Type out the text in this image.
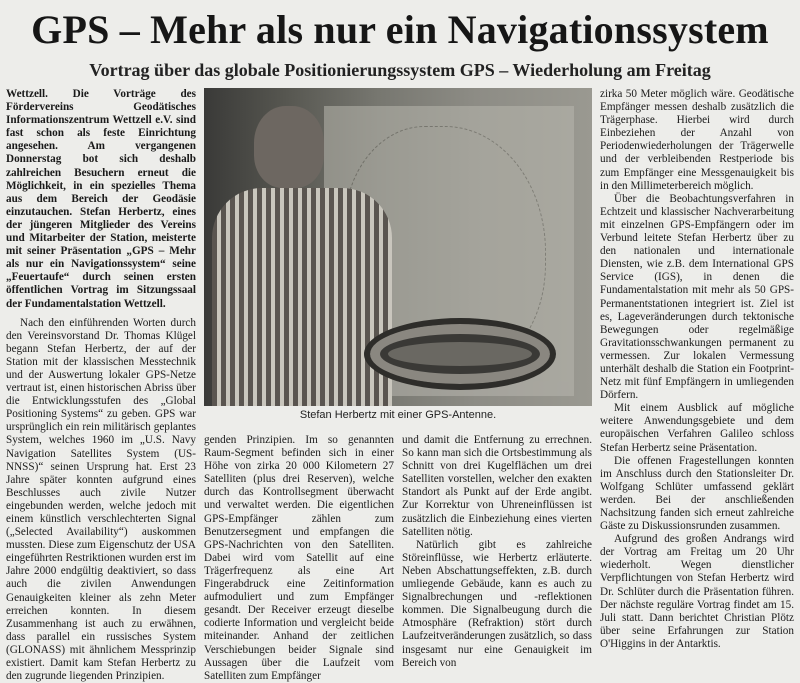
GPS – Mehr als nur ein Navigationssystem
Vortrag über das globale Positionierungssystem GPS – Wiederholung am Freitag

Wettzell. Die Vorträge des Fördervereins Geodätisches Informationszentrum Wettzell e.V. sind fast schon als feste Einrichtung angesehen. Am vergangenen Donnerstag bot sich deshalb zahlreichen Besuchern erneut die Möglichkeit, in ein spezielles Thema aus dem Bereich der Geodäsie einzutauchen. Stefan Herbertz, eines der jüngeren Mitglieder des Vereins und Mitarbeiter der Station, meisterte mit seiner Präsentation „GPS – Mehr als nur ein Navigationssystem“ seine „Feuertaufe“ durch seinen ersten öffentlichen Vortrag im Sitzungssaal der Fundamentalstation Wettzell.

Nach den einführenden Worten durch den Vereinsvorstand Dr. Thomas Klügel begann Stefan Herbertz, der auf der Station mit der klassischen Messtechnik und der Auswertung lokaler GPS-Netze vertraut ist, einen historischen Abriss über die Entwicklungsstufen des „Global Positioning Systems“ zu geben. GPS war ursprünglich ein rein militärisch geplantes System, welches 1960 im „U.S. Navy Navigation Satellites System (US-NNSS)“ seinen Ursprung hat. Erst 23 Jahre später konnten aufgrund eines Beschlusses auch zivile Nutzer eingebunden werden, welche jedoch mit einem künstlich verschlechterten Signal („Selected Availability“) auskommen mussten. Diese zum Eigenschutz der USA eingeführten Restriktionen wurden erst im Jahre 2000 endgültig deaktiviert, so dass auch die zivilen Anwendungen Genauigkeiten kleiner als zehn Meter erreichen konnten. In diesem Zusammenhang ist auch zu erwähnen, dass parallel ein russisches System (GLONASS) mit ähnlichem Messprinzip existiert. Damit kam Stefan Herbertz zu den zugrunde liegenden Prinzipien.

Stefan Herbertz mit einer GPS-Antenne.

genden Prinzipien. Im so genannten Raum-Segment befinden sich in einer Höhe von zirka 20 000 Kilometern 27 Satelliten (plus drei Reserven), welche durch das Kontrollsegment überwacht und verwaltet werden. Die eigentlichen GPS-Empfänger zählen zum Benutzersegment und empfangen die GPS-Nachrichten von den Satelliten. Dabei wird vom Satellit auf eine Trägerfrequenz als eine Art Fingerabdruck eine Zeitinformation aufmoduliert und zum Empfänger gesandt. Der Receiver erzeugt dieselbe codierte Information und vergleicht beide miteinander. Anhand der zeitlichen Verschiebungen beider Signale sind Aussagen über die Laufzeit vom Satelliten zum Empfänger

und damit die Entfernung zu errechnen. So kann man sich die Ortsbestimmung als Schnitt von drei Kugelflächen um drei Satelliten vorstellen, welcher den exakten Standort als Punkt auf der Erde angibt. Zur Korrektur von Uhreneinflüssen ist zusätzlich die Einbeziehung eines vierten Satelliten nötig.

Natürlich gibt es zahlreiche Störeinflüsse, wie Herbertz erläuterte. Neben Abschattungseffekten, z.B. durch umliegende Gebäude, kann es auch zu Signalbrechungen und -reflektionen kommen. Die Signalbeugung durch die Atmosphäre (Refraktion) stört durch Laufzeitveränderungen zusätzlich, so dass insgesamt nur eine Genauigkeit im Bereich von

zirka 50 Meter möglich wäre. Geodätische Empfänger messen deshalb zusätzlich die Trägerphase. Hierbei wird durch Einbeziehen der Anzahl von Periodenwiederholungen der Trägerwelle und der verbleibenden Restperiode bis zum Empfänger eine Messgenauigkeit bis in den Millimeterbereich möglich.

Über die Beobachtungsverfahren in Echtzeit und klassischer Nachverarbeitung mit einzelnen GPS-Empfängern oder im Verbund leitete Stefan Herbertz über zu den nationalen und internationale Diensten, wie z.B. dem International GPS Service (IGS), in denen die Fundamentalstation mit mehr als 50 GPS-Permanentstationen integriert ist. Ziel ist es, Lageveränderungen durch tektonische Bewegungen oder regelmäßige Gravitationsschwankungen permanent zu vermessen. Zur lokalen Vermessung unterhält deshalb die Station ein Footprint-Netz mit fünf Empfängern in umliegenden Dörfern.

Mit einem Ausblick auf mögliche weitere Anwendungsgebiete und dem europäischen Verfahren Galileo schloss Stefan Herbertz seine Präsentation.

Die offenen Fragestellungen konnten im Anschluss durch den Stationsleiter Dr. Wolfgang Schlüter umfassend geklärt werden. Bei der anschließenden Nachsitzung fanden sich erneut zahlreiche Gäste zu Diskussionsrunden zusammen.

Aufgrund des großen Andrangs wird der Vortrag am Freitag um 20 Uhr wiederholt. Wegen dienstlicher Verpflichtungen von Stefan Herbertz wird Dr. Schlüter durch die Präsentation führen. Der nächste reguläre Vortrag findet am 15. Juli statt. Dann berichtet Christian Plötz über seine Erfahrungen zur Station O'Higgins in der Antarktis.
